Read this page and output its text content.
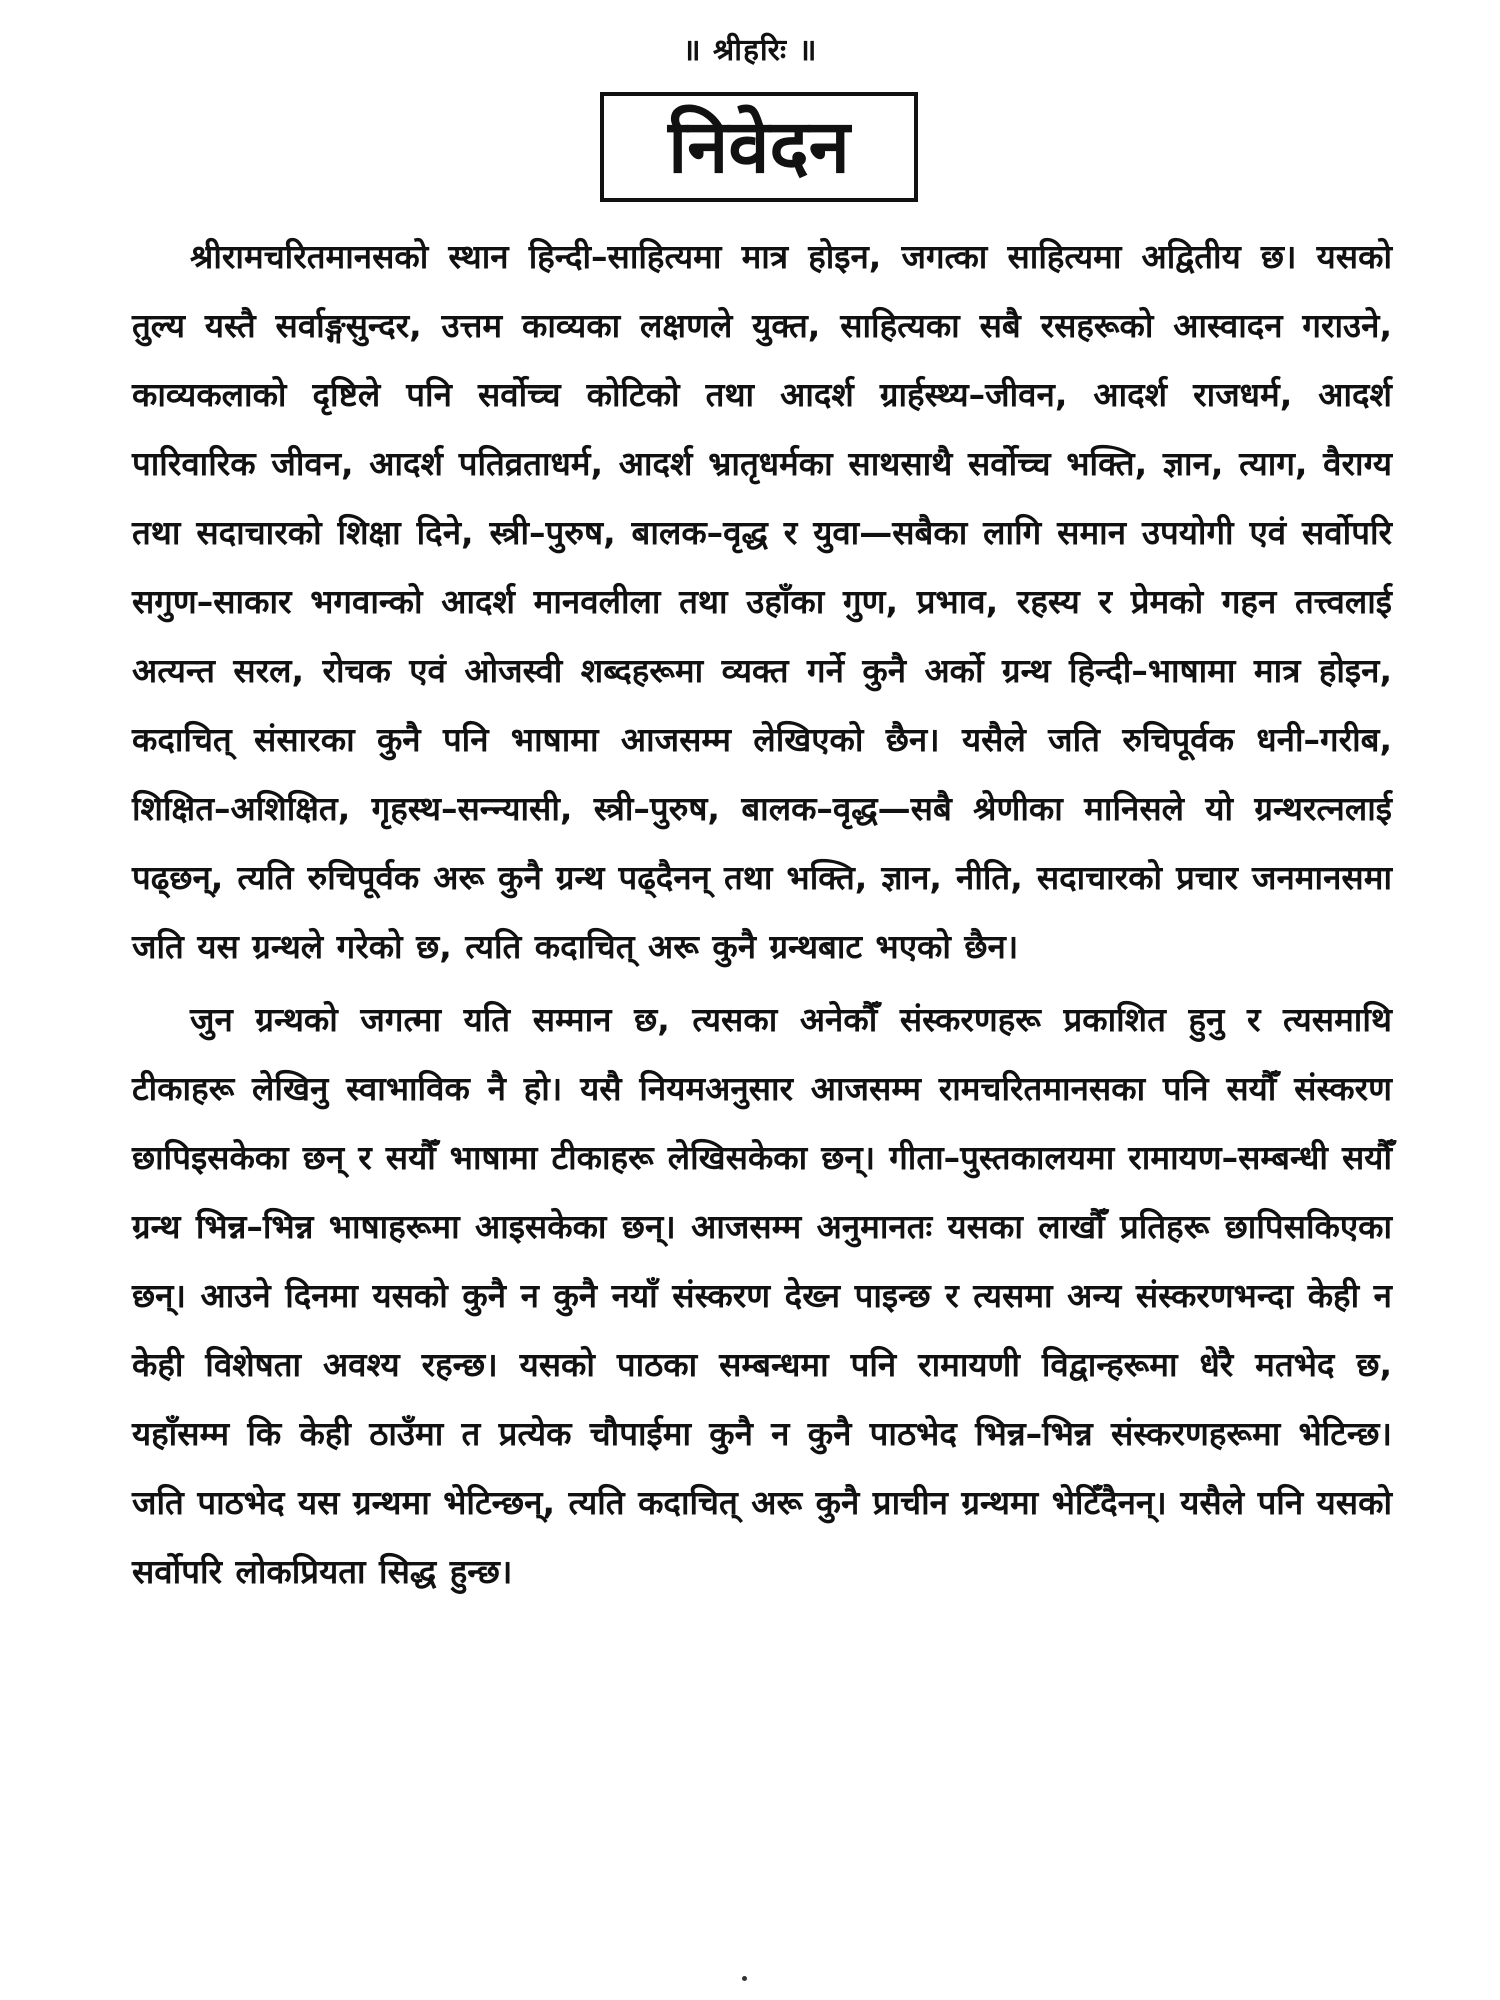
॥ श्रीहरिः ॥
निवेदन

श्रीरामचरितमानसको स्थान हिन्दी–साहित्यमा मात्र होइन, जगत्का साहित्यमा अद्वितीय छ। यसको तुल्य यस्तै सर्वाङ्गसुन्दर, उत्तम काव्यका लक्षणले युक्त, साहित्यका सबै रसहरूको आस्वादन गराउने, काव्यकलाको दृष्टिले पनि सर्वोच्च कोटिको तथा आदर्श ग्रार्हस्थ्य–जीवन, आदर्श राजधर्म, आदर्श पारिवारिक जीवन, आदर्श पतिव्रताधर्म, आदर्श भ्रातृधर्मका साथसाथै सर्वोच्च भक्ति, ज्ञान, त्याग, वैराग्य तथा सदाचारको शिक्षा दिने, स्त्री–पुरुष, बालक–वृद्ध र युवा—सबैका लागि समान उपयोगी एवं सर्वोपरि सगुण–साकार भगवान्को आदर्श मानवलीला तथा उहाँका गुण, प्रभाव, रहस्य र प्रेमको गहन तत्त्वलाई अत्यन्त सरल, रोचक एवं ओजस्वी शब्दहरूमा व्यक्त गर्ने कुनै अर्को ग्रन्थ हिन्दी–भाषामा मात्र होइन, कदाचित् संसारका कुनै पनि भाषामा आजसम्म लेखिएको छैन। यसैले जति रुचिपूर्वक धनी–गरीब, शिक्षित–अशिक्षित, गृहस्थ–सन्न्यासी, स्त्री–पुरुष, बालक–वृद्ध—सबै श्रेणीका मानिसले यो ग्रन्थरत्नलाई पढ्छन्, त्यति रुचिपूर्वक अरू कुनै ग्रन्थ पढ्दैनन् तथा भक्ति, ज्ञान, नीति, सदाचारको प्रचार जनमानसमा जति यस ग्रन्थले गरेको छ, त्यति कदाचित् अरू कुनै ग्रन्थबाट भएको छैन।

जुन ग्रन्थको जगत्मा यति सम्मान छ, त्यसका अनेकौँ संस्करणहरू प्रकाशित हुनु र त्यसमाथि टीकाहरू लेखिनु स्वाभाविक नै हो। यसै नियमअनुसार आजसम्म रामचरितमानसका पनि सयौँ संस्करण छापिइसकेका छन् र सयौँ भाषामा टीकाहरू लेखिसकेका छन्। गीता–पुस्तकालयमा रामायण–सम्बन्धी सयौँ ग्रन्थ भिन्न–भिन्न भाषाहरूमा आइसकेका छन्। आजसम्म अनुमानतः यसका लाखौँ प्रतिहरू छापिसकिएका छन्। आउने दिनमा यसको कुनै न कुनै नयाँ संस्करण देख्न पाइन्छ र त्यसमा अन्य संस्करणभन्दा केही न केही विशेषता अवश्य रहन्छ। यसको पाठका सम्बन्धमा पनि रामायणी विद्वान्हरूमा धेरै मतभेद छ, यहाँसम्म कि केही ठाउँमा त प्रत्येक चौपाईमा कुनै न कुनै पाठभेद भिन्न–भिन्न संस्करणहरूमा भेटिन्छ। जति पाठभेद यस ग्रन्थमा भेटिन्छन्, त्यति कदाचित् अरू कुनै प्राचीन ग्रन्थमा भेटिँदैनन्। यसैले पनि यसको सर्वोपरि लोकप्रियता सिद्ध हुन्छ।
